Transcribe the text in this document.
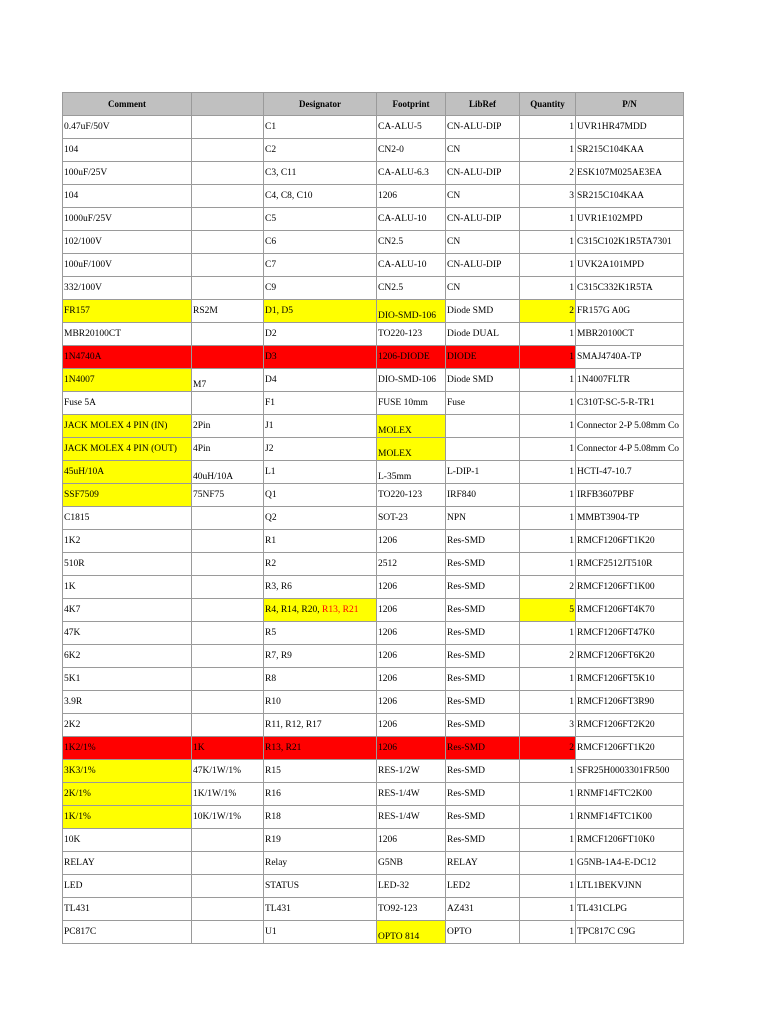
Comment		Designator	Footprint	LibRef	Quantity	P/N
0.47uF/50V		C1	CA-ALU-5	CN-ALU-DIP	1	UVR1HR47MDD
104		C2	CN2-0	CN	1	SR215C104KAA
100uF/25V		C3, C11	CA-ALU-6.3	CN-ALU-DIP	2	ESK107M025AE3EA
104		C4, C8, C10	1206	CN	3	SR215C104KAA
1000uF/25V		C5	CA-ALU-10	CN-ALU-DIP	1	UVR1E102MPD
102/100V		C6	CN2.5	CN	1	C315C102K1R5TA7301
100uF/100V		C7	CA-ALU-10	CN-ALU-DIP	1	UVK2A101MPD
332/100V		C9	CN2.5	CN	1	C315C332K1R5TA
FR157	RS2M	D1, D5	DIO-SMD-106	Diode SMD	2	FR157G A0G
MBR20100CT		D2	TO220-123	Diode DUAL	1	MBR20100CT
1N4740A		D3	1206-DIODE	DIODE	1	SMAJ4740A-TP
1N4007	M7	D4	DIO-SMD-106	Diode SMD	1	1N4007FLTR
Fuse 5A		F1	FUSE 10mm	Fuse	1	C310T-SC-5-R-TR1
JACK MOLEX 4 PIN (IN)	2Pin	J1	MOLEX		1	Connector 2-P 5.08mm Co
JACK MOLEX 4 PIN (OUT)	4Pin	J2	MOLEX		1	Connector 4-P 5.08mm Co
45uH/10A	40uH/10A	L1	L-35mm	L-DIP-1	1	HCTI-47-10.7
SSF7509	75NF75	Q1	TO220-123	IRF840	1	IRFB3607PBF
C1815		Q2	SOT-23	NPN	1	MMBT3904-TP
1K2		R1	1206	Res-SMD	1	RMCF1206FT1K20
510R		R2	2512	Res-SMD	1	RMCF2512JT510R
1K		R3, R6	1206	Res-SMD	2	RMCF1206FT1K00
4K7		R4, R14, R20, R13, R21	1206	Res-SMD	5	RMCF1206FT4K70
47K		R5	1206	Res-SMD	1	RMCF1206FT47K0
6K2		R7, R9	1206	Res-SMD	2	RMCF1206FT6K20
5K1		R8	1206	Res-SMD	1	RMCF1206FT5K10
3.9R		R10	1206	Res-SMD	1	RMCF1206FT3R90
2K2		R11, R12, R17	1206	Res-SMD	3	RMCF1206FT2K20
1K2/1%	1K	R13, R21	1206	Res-SMD	2	RMCF1206FT1K20
3K3/1%	47K/1W/1%	R15	RES-1/2W	Res-SMD	1	SFR25H0003301FR500
2K/1%	1K/1W/1%	R16	RES-1/4W	Res-SMD	1	RNMF14FTC2K00
1K/1%	10K/1W/1%	R18	RES-1/4W	Res-SMD	1	RNMF14FTC1K00
10K		R19	1206	Res-SMD	1	RMCF1206FT10K0
RELAY		Relay	G5NB	RELAY	1	G5NB-1A4-E-DC12
LED		STATUS	LED-32	LED2	1	LTL1BEKVJNN
TL431		TL431	TO92-123	AZ431	1	TL431CLPG
PC817C		U1	OPTO 814	OPTO	1	TPC817C C9G
